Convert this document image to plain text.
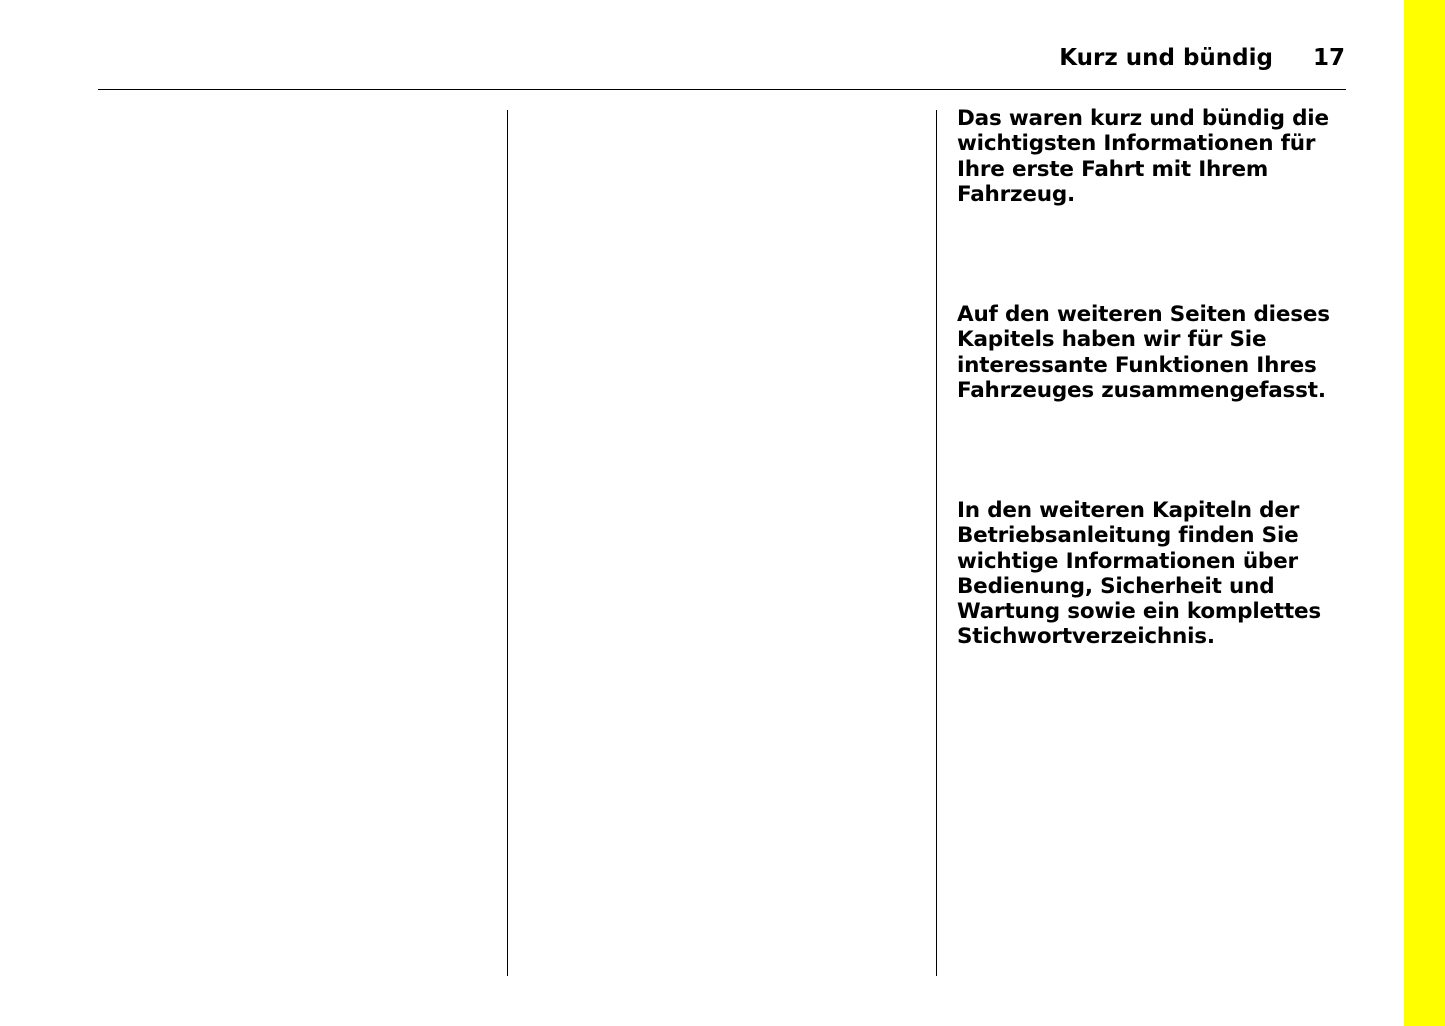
Kurz und bündig 17

Das waren kurz und bündig die wichtigsten Informationen für Ihre erste Fahrt mit Ihrem Fahrzeug.

Auf den weiteren Seiten dieses Kapitels haben wir für Sie interessante Funktionen Ihres Fahrzeuges zusammengefasst.

In den weiteren Kapiteln der Betriebsanleitung finden Sie wichtige Informationen über Bedienung, Sicherheit und Wartung sowie ein komplettes Stichwortverzeichnis.
